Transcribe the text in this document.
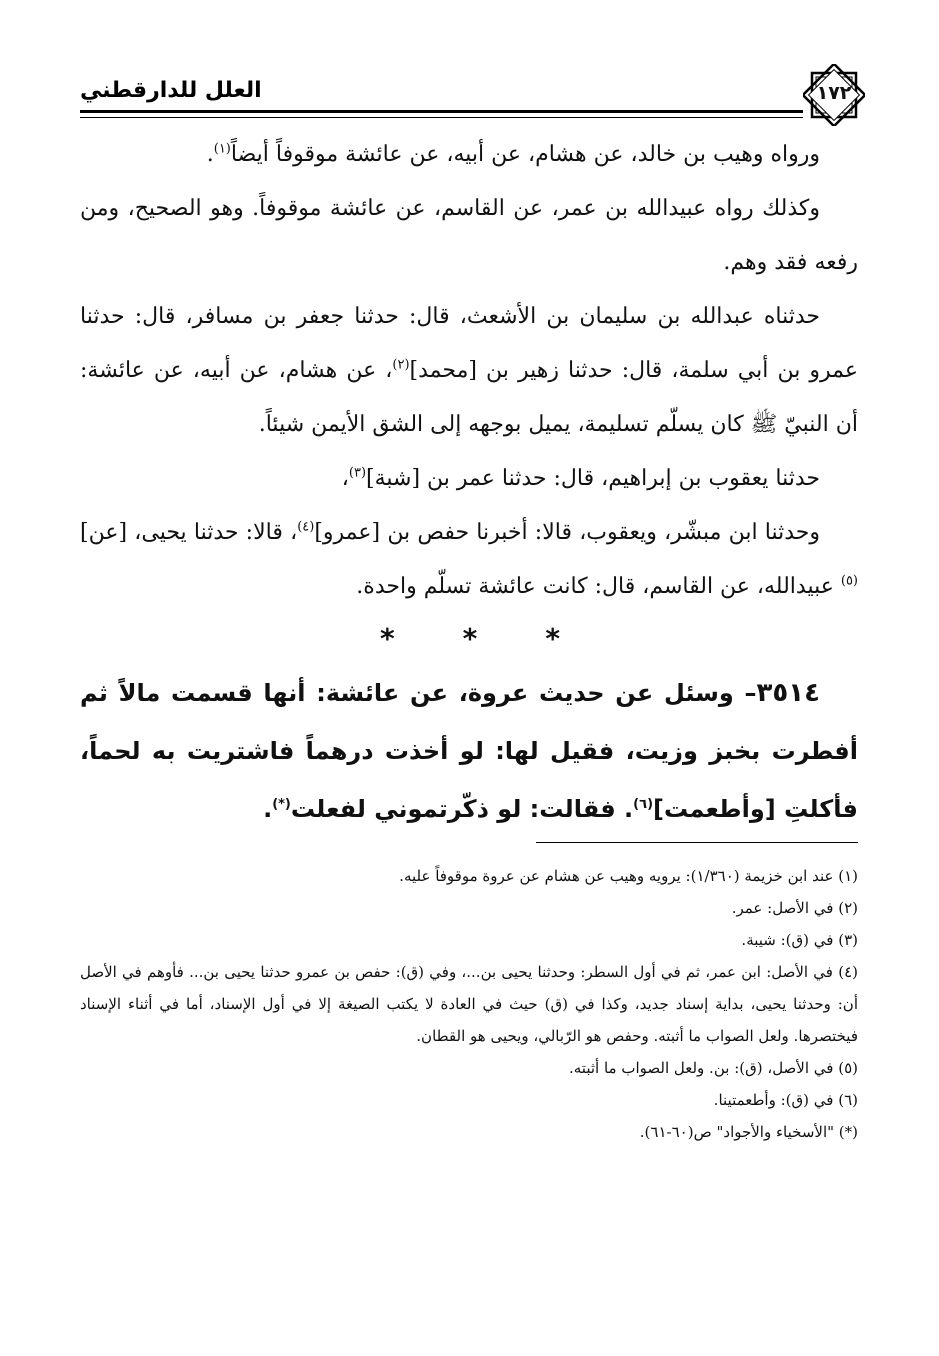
العلل للدارقطني	١٧٢

ورواه وهيب بن خالد، عن هشام، عن أبيه، عن عائشة موقوفاً أيضاً$^{(١)}$.

وكذلك رواه عبيدالله بن عمر، عن القاسم، عن عائشة موقوفاً. وهو الصحيح، ومن رفعه فقد وهم.

حدثناه عبدالله بن سليمان بن الأشعث، قال: حدثنا جعفر بن مسافر، قال: حدثنا عمرو بن أبي سلمة، قال: حدثنا زهير بن [محمد]$^{(٢)}$، عن هشام، عن أبيه، عن عائشة: أن النبيّ ﷺ كان يسلّم تسليمة، يميل بوجهه إلى الشق الأيمن شيئاً.

حدثنا يعقوب بن إبراهيم، قال: حدثنا عمر بن [شبة]$^{(٣)}$،

وحدثنا ابن مبشّر، ويعقوب، قالا: أخبرنا حفص بن [عمرو]$^{(٤)}$، قالا: حدثنا يحيى، [عن]$^{(٥)}$ عبيدالله، عن القاسم، قال: كانت عائشة تسلّم واحدة.

* * *
٣٥١٤– وسئل عن حديث عروة، عن عائشة: أنها قسمت مالاً ثم أفطرت بخبز وزيت، فقيل لها: لو أخذت درهماً فاشتريت به لحماً، فأكلتِ [وأطعمت]$^{(٦)}$. فقالت: لو ذكّرتموني لفعلت(*).

(١) عند ابن خزيمة (١/٣٦٠): يرويه وهيب عن هشام عن عروة موقوفاً عليه.

(٢) في الأصل: عمر.

(٣) في (ق): شيبة.

(٤) في الأصل: ابن عمر، ثم في أول السطر: وحدثنا يحيى بن...، وفي (ق): حفص بن عمرو حدثنا يحيى بن... فأوهم في الأصل أن: وحدثنا يحيى، بداية إسناد جديد، وكذا في (ق) حيث في العادة لا يكتب الصيغة إلا في أول الإسناد، أما في أثناء الإسناد فيختصرها. ولعل الصواب ما أثبته. وحفص هو الرّبالي، ويحيى هو القطان.

(٥) في الأصل، (ق): بن. ولعل الصواب ما أثبته.

(٦) في (ق): وأطعمتينا.

(*) "الأسخياء والأجواد" ص(٦٠-٦١).
